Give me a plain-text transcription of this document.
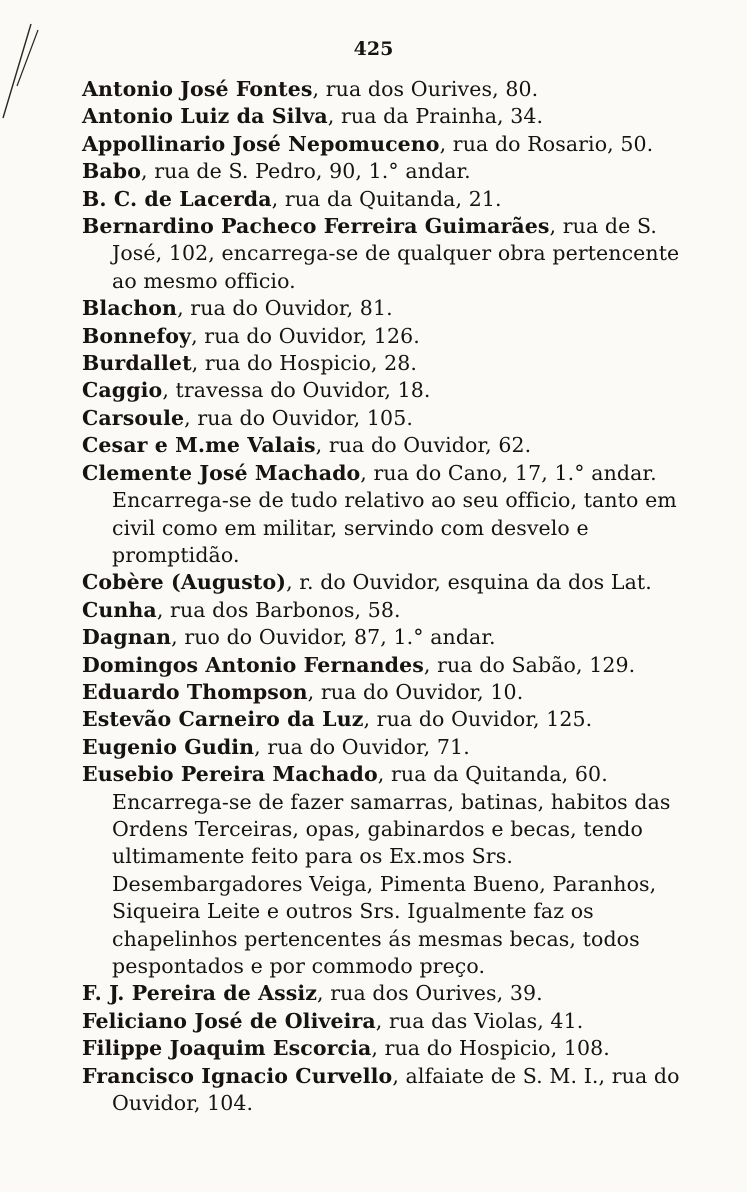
425
Antonio José Fontes, rua dos Ourives, 80.
Antonio Luiz da Silva, rua da Prainha, 34.
Appollinario José Nepomuceno, rua do Rosario, 50.
Babo, rua de S. Pedro, 90, 1.° andar.
B. C. de Lacerda, rua da Quitanda, 21.
Bernardino Pacheco Ferreira Guimarães, rua de S. José, 102, encarrega-se de qualquer obra pertencente ao mesmo officio.
Blachon, rua do Ouvidor, 81.
Bonnefoy, rua do Ouvidor, 126.
Burdallet, rua do Hospicio, 28.
Caggio, travessa do Ouvidor, 18.
Carsoule, rua do Ouvidor, 105.
Cesar e M.me Valais, rua do Ouvidor, 62.
Clemente José Machado, rua do Cano, 17, 1.° andar. Encarrega-se de tudo relativo ao seu officio, tanto em civil como em militar, servindo com desvelo e promptidão.
Cobère (Augusto), r. do Ouvidor, esquina da dos Lat.
Cunha, rua dos Barbonos, 58.
Dagnan, ruo do Ouvidor, 87, 1.° andar.
Domingos Antonio Fernandes, rua do Sabão, 129.
Eduardo Thompson, rua do Ouvidor, 10.
Estevão Carneiro da Luz, rua do Ouvidor, 125.
Eugenio Gudin, rua do Ouvidor, 71.
Eusebio Pereira Machado, rua da Quitanda, 60. Encarrega-se de fazer samarras, batinas, habitos das Ordens Terceiras, opas, gabinardos e becas, tendo ultimamente feito para os Ex.mos Srs. Desembargadores Veiga, Pimenta Bueno, Paranhos, Siqueira Leite e outros Srs. Igualmente faz os chapelinhos pertencentes ás mesmas becas, todos pespontados e por commodo preço.
F. J. Pereira de Assiz, rua dos Ourives, 39.
Feliciano José de Oliveira, rua das Violas, 41.
Filippe Joaquim Escorcia, rua do Hospicio, 108.
Francisco Ignacio Curvello, alfaiate de S. M. I., rua do Ouvidor, 104.
